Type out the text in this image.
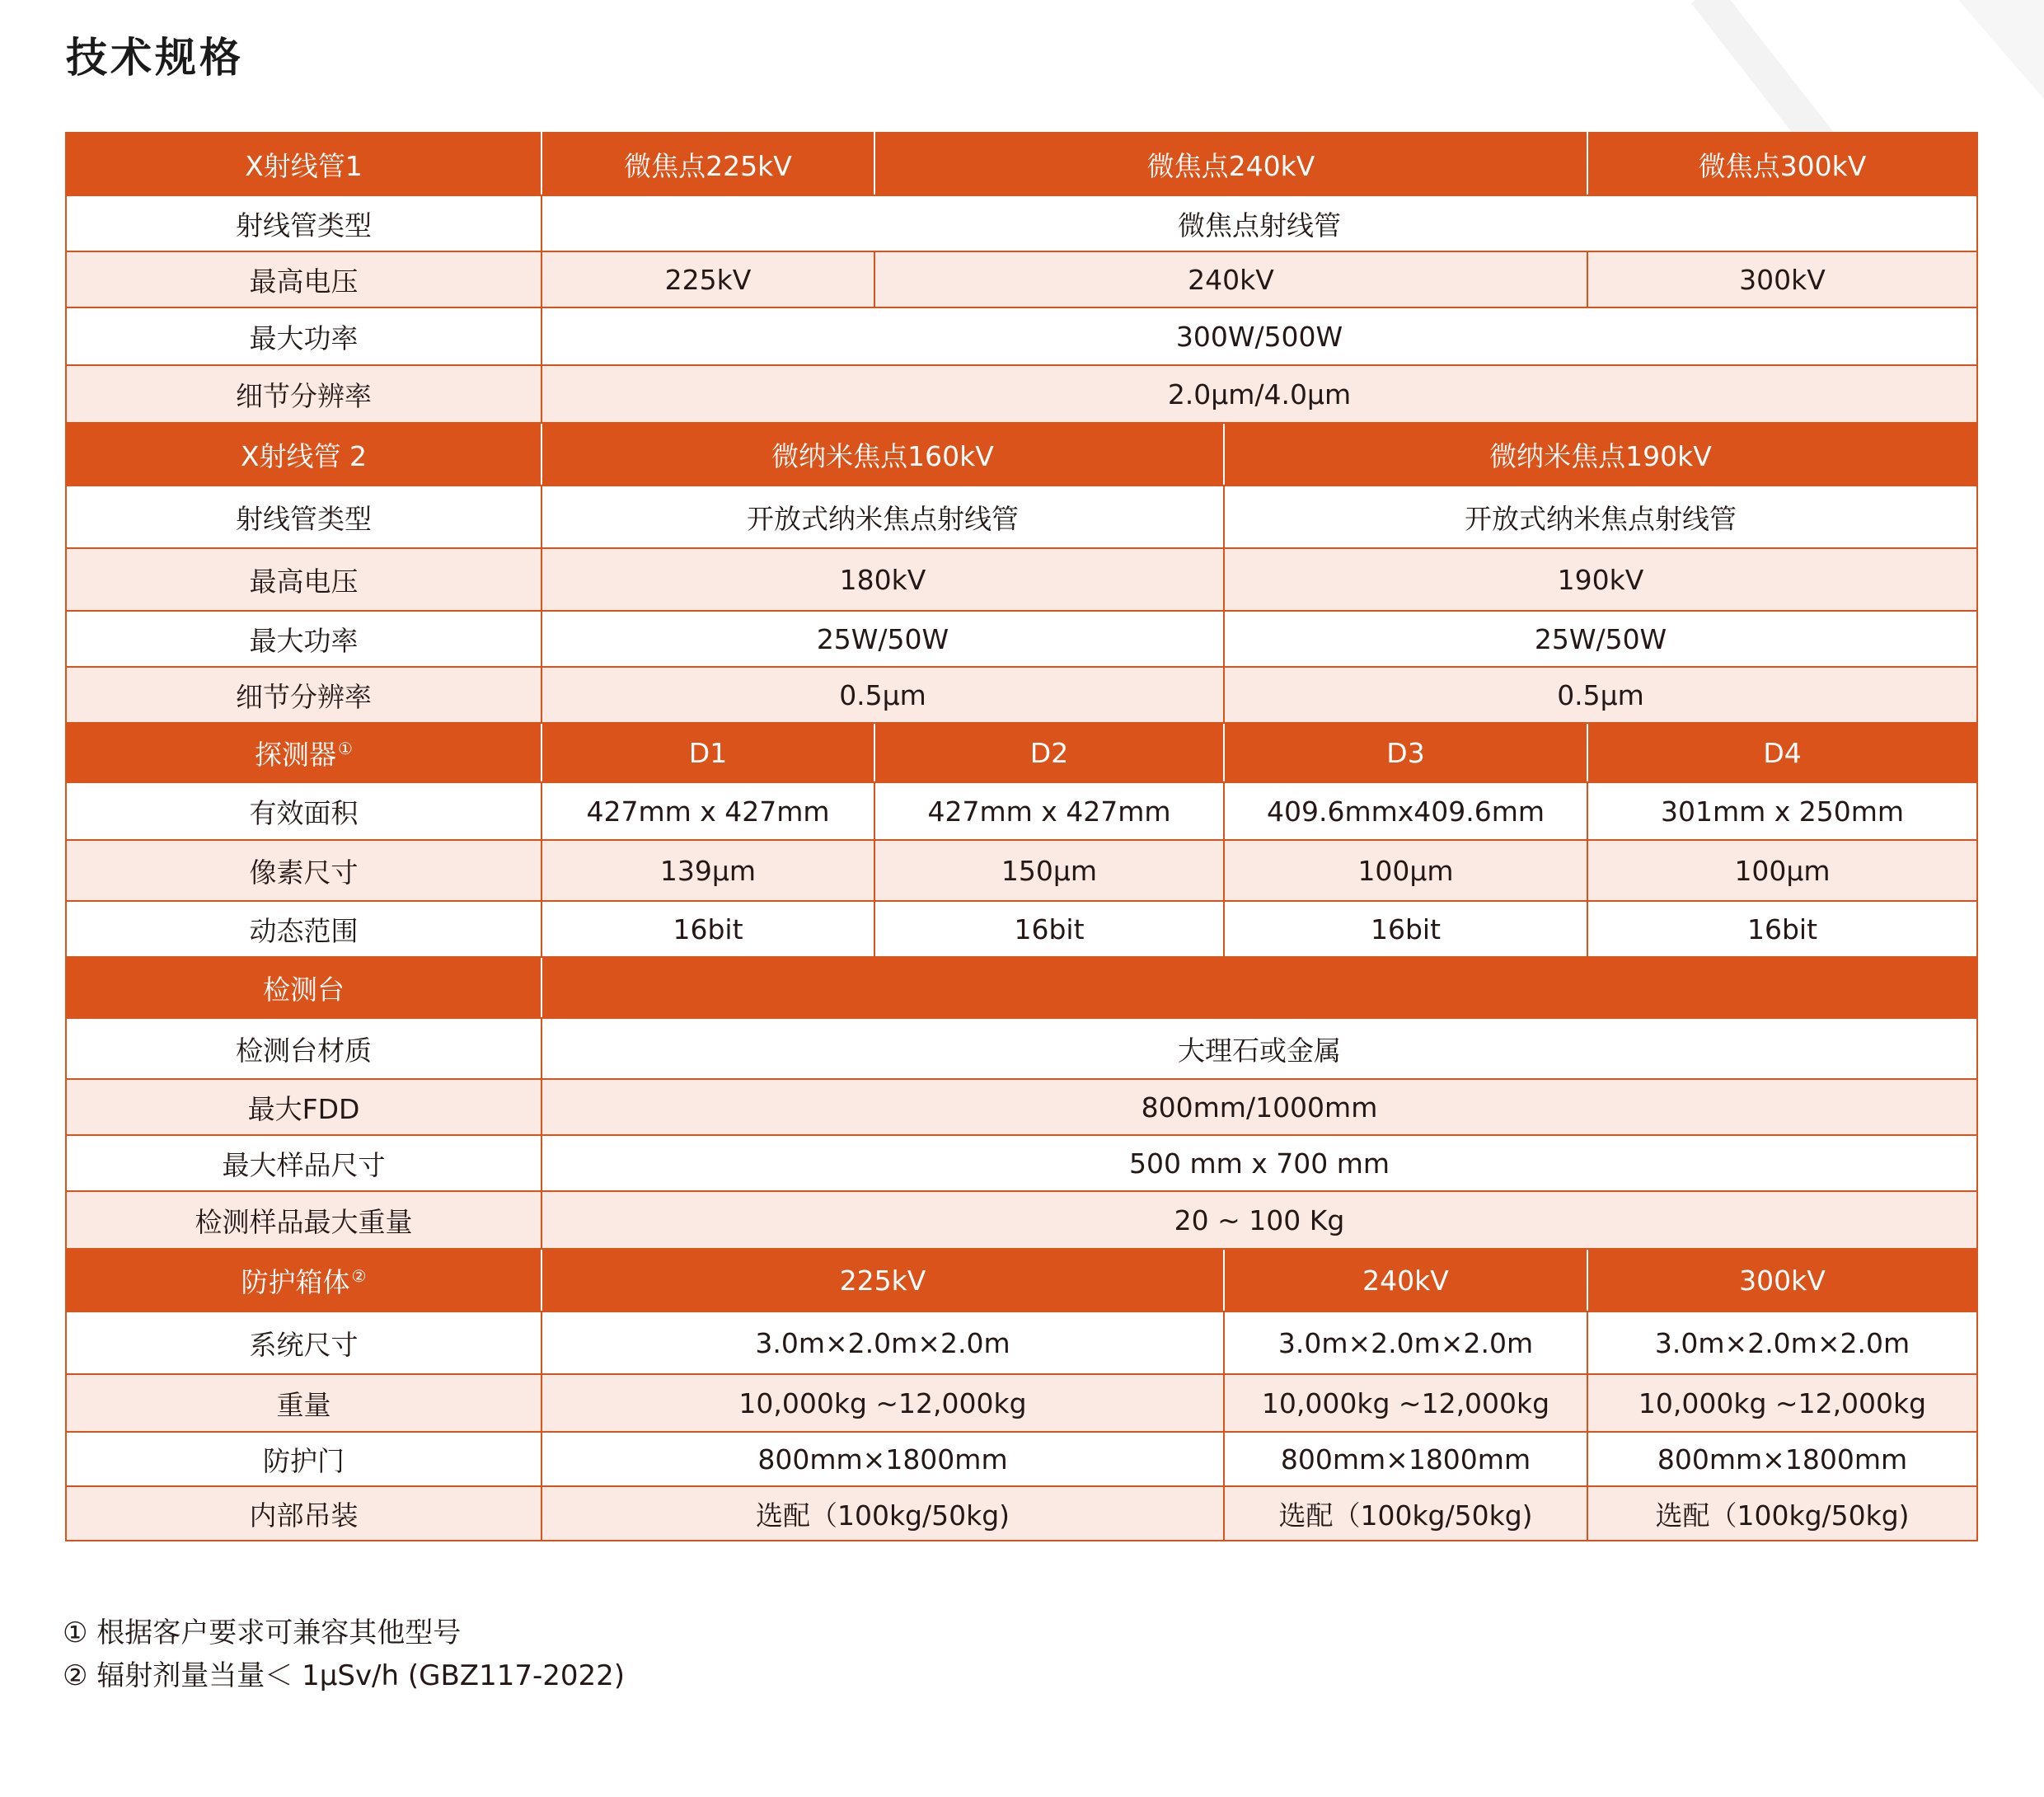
技术规格
X射线管1	微焦点225kV	微焦点240kV		微焦点300kV
射线管类型	微焦点射线管			
最高电压	225kV	240kV		300kV
最大功率	300W/500W			
细节分辨率	2.0μm/4.0μm			
X射线管 2	微纳米焦点160kV		微纳米焦点190kV	
射线管类型	开放式纳米焦点射线管		开放式纳米焦点射线管	
最高电压	180kV		190kV	
最大功率	25W/50W		25W/50W	
细节分辨率	0.5μm		0.5μm	
探测器 ①	D1	D2	D3	D4
有效面积	427mm x 427mm	427mm x 427mm	409.6mmx409.6mm	301mm x 250mm
像素尺寸	139μm	150μm	100μm	100μm
动态范围	16bit	16bit	16bit	16bit
检测台				
检测台材质	大理石或金属			
最大FDD	800mm/1000mm			
最大样品尺寸	500 mm x 700 mm			
检测样品最大重量	20 ~ 100 Kg			
防护箱体 ②	225kV		240kV	300kV
系统尺寸	3.0m×2.0m×2.0m		3.0m×2.0m×2.0m	3.0m×2.0m×2.0m
重量	10,000kg ~12,000kg		10,000kg ~12,000kg	10,000kg ~12,000kg
防护门	800mm×1800mm		800mm×1800mm	800mm×1800mm
内部吊装	选配（100kg/50kg)		选配（100kg/50kg)	选配（100kg/50kg)
① 根据客户要求可兼容其他型号
② 辐射剂量当量＜ 1μSv/h (GBZ117-2022)
